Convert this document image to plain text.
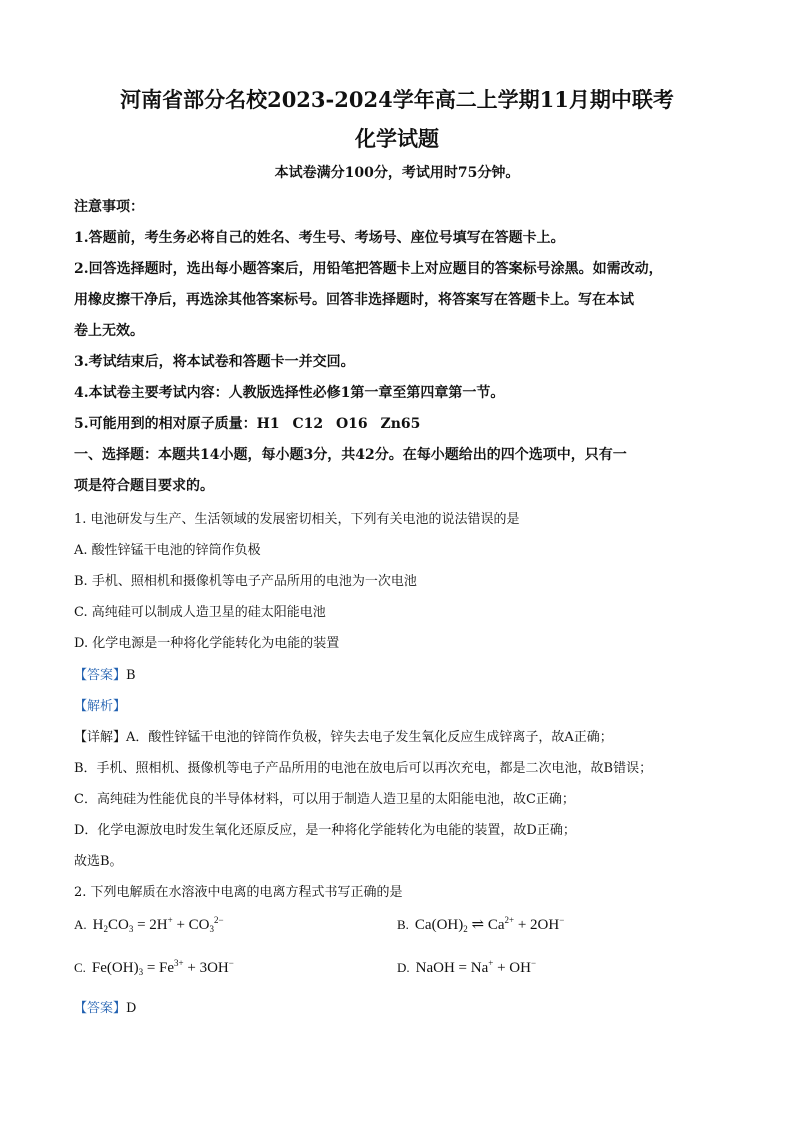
河南省部分名校2023-2024学年高二上学期11月期中联考
化学试题
本试卷满分100分，考试用时75分钟。
注意事项：
1.答题前，考生务必将自己的姓名、考生号、考场号、座位号填写在答题卡上。
2.回答选择题时，选出每小题答案后，用铅笔把答题卡上对应题目的答案标号涂黑。如需改动，
用橡皮擦干净后，再选涂其他答案标号。回答非选择题时，将答案写在答题卡上。写在本试
卷上无效。
3.考试结束后，将本试卷和答题卡一并交回。
4.本试卷主要考试内容：人教版选择性必修1第一章至第四章第一节。
5.可能用到的相对原子质量：H1 C12 O16 Zn65
一、选择题：本题共14小题，每小题3分，共42分。在每小题给出的四个选项中，只有一
项是符合题目要求的。
1. 电池研发与生产、生活领域的发展密切相关，下列有关电池的说法错误的是
A. 酸性锌锰干电池的锌筒作负极
B. 手机、照相机和摄像机等电子产品所用的电池为一次电池
C. 高纯硅可以制成人造卫星的硅太阳能电池
D. 化学电源是一种将化学能转化为电能的装置
【答案】B
【解析】
【详解】A．酸性锌锰干电池的锌筒作负极，锌失去电子发生氧化反应生成锌离子，故A正确；
B．手机、照相机、摄像机等电子产品所用的电池在放电后可以再次充电，都是二次电池，故B错误；
C．高纯硅为性能优良的半导体材料，可以用于制造人造卫星的太阳能电池，故C正确；
D．化学电源放电时发生氧化还原反应，是一种将化学能转化为电能的装置，故D正确；
故选B。
2. 下列电解质在水溶液中电离的电离方程式书写正确的是
A. $H_2CO_3 = 2H^+ + CO_3^{2-}$	B. $Ca(OH)_2$ ⇌ $Ca^{2+} + 2OH^-$
C. $Fe(OH)_3 = Fe^{3+} + 3OH^-$	D. NaOH = Na+ + OH−
【答案】D
